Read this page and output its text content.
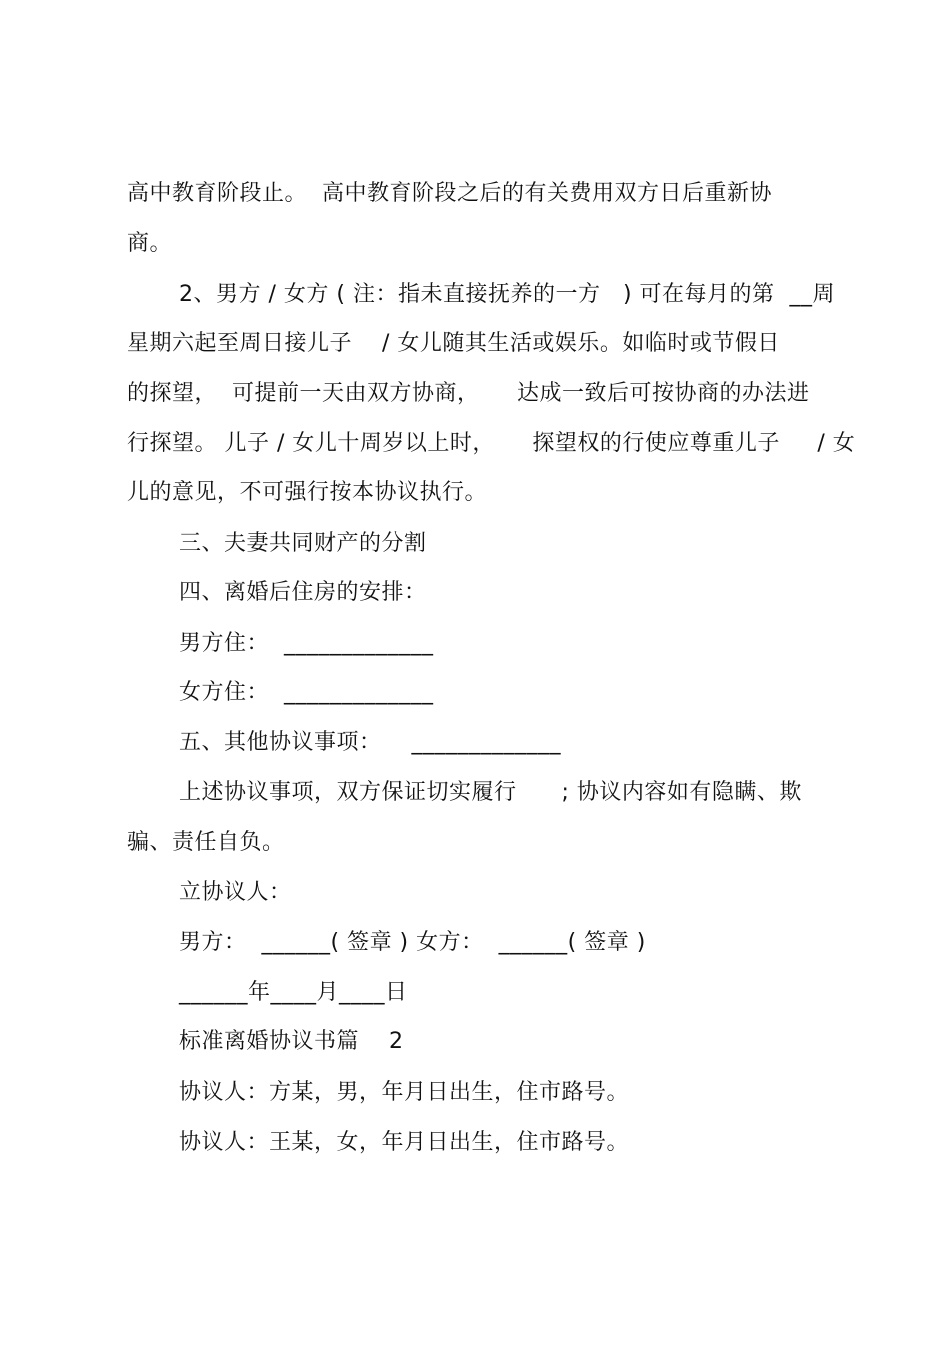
高中教育阶段止。  高中教育阶段之后的有关费用双方日后重新协
商。
2、男方 / 女方 ( 注：指未直接抚养的一方   ) 可在每月的第  __周
星期六起至周日接儿子    / 女儿随其生活或娱乐。如临时或节假日
的探望，  可提前一天由双方协商，     达成一致后可按协商的办法进
行探望。 儿子 / 女儿十周岁以上时，     探望权的行使应尊重儿子     / 女
儿的意见，不可强行按本协议执行。
三、夫妻共同财产的分割
四、离婚后住房的安排：
男方住：  _____________
女方住：  _____________
五、其他协议事项：    _____________
上述协议事项，双方保证切实履行      ; 协议内容如有隐瞒、欺
骗、责任自负。
立协议人：
男方：  ______( 签章 ) 女方：  ______( 签章 )
______年____月____日
标准离婚协议书篇    2
协议人：方某，男，年月日出生，住市路号。
协议人：王某，女，年月日出生，住市路号。
